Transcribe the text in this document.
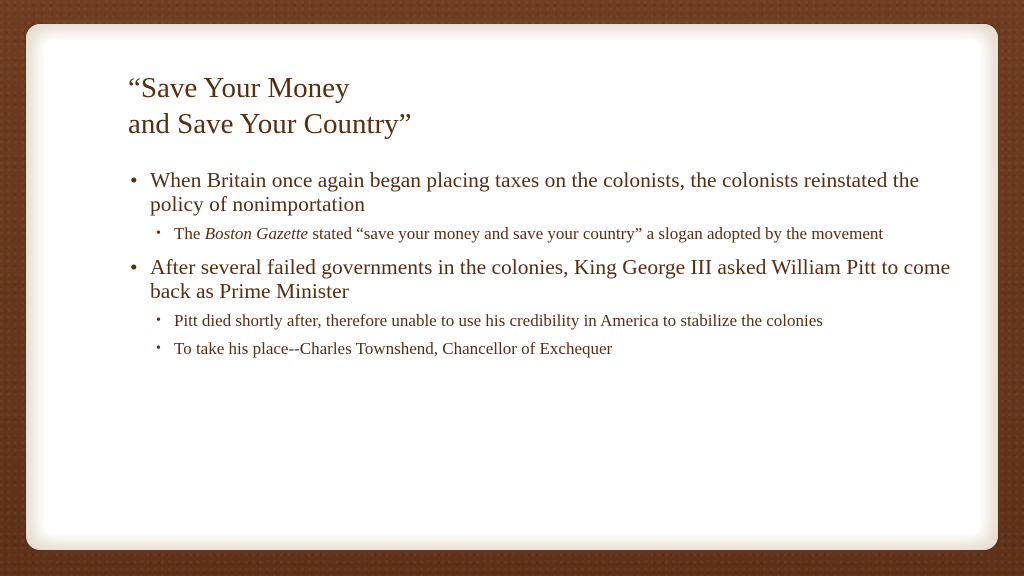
“Save Your Money
and Save Your Country”
• When Britain once again began placing taxes on the colonists, the colonists reinstated the policy of nonimportation
• The Boston Gazette stated “save your money and save your country” a slogan adopted by the movement
• After several failed governments in the colonies, King George III asked William Pitt to come back as Prime Minister
• Pitt died shortly after, therefore unable to use his credibility in America to stabilize the colonies
• To take his place--Charles Townshend, Chancellor of Exchequer
